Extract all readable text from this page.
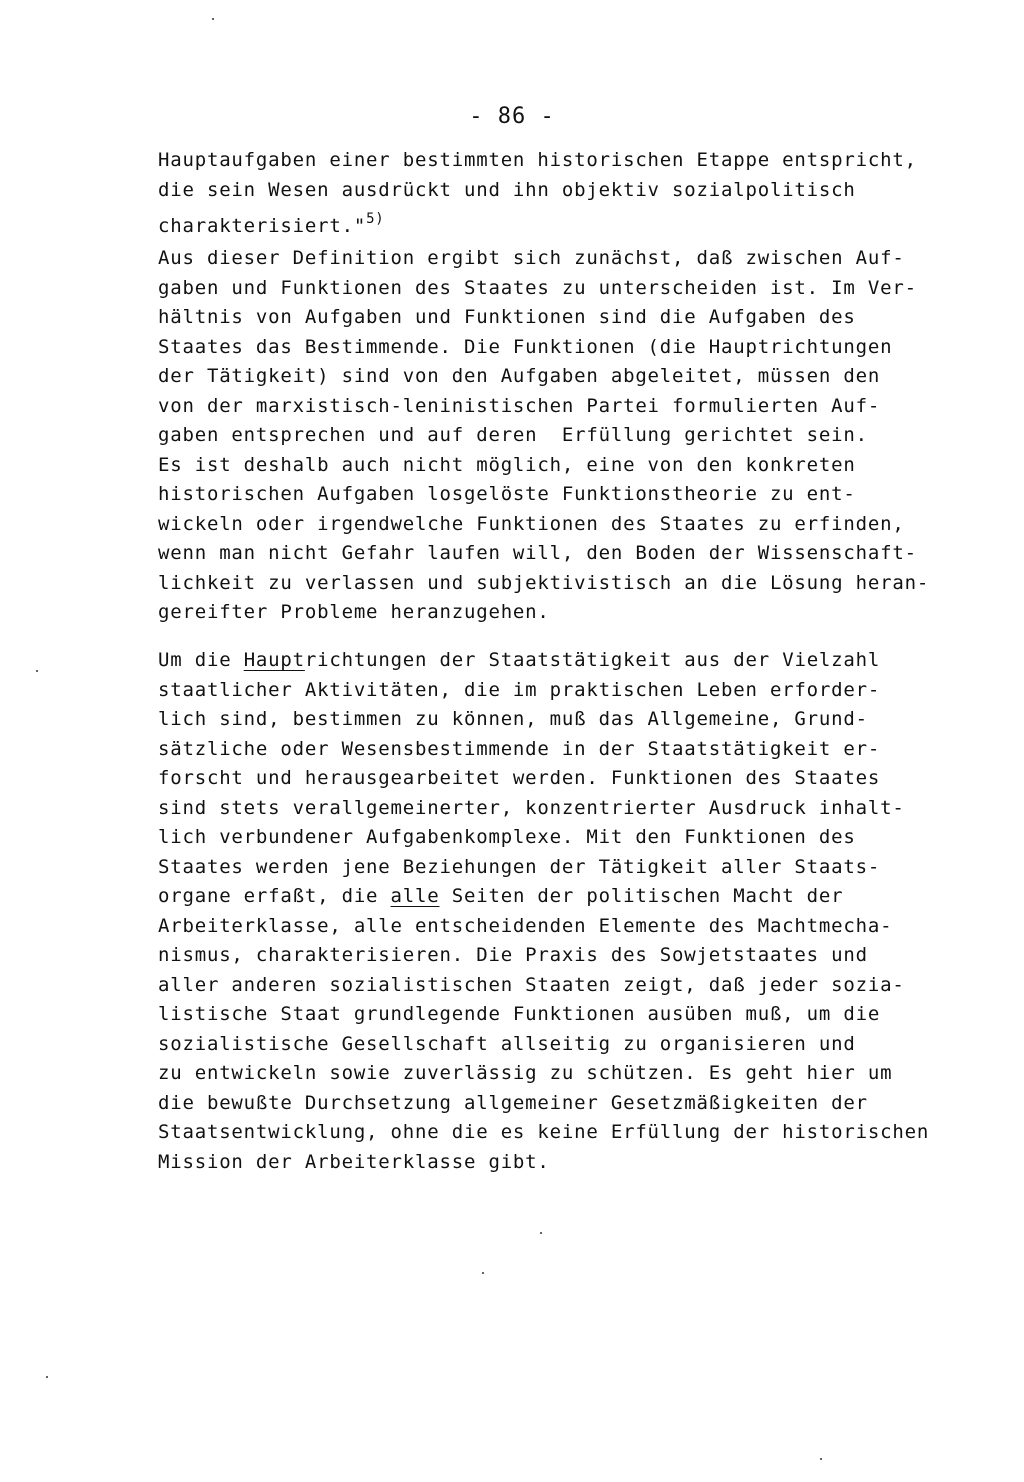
- 86 -
Hauptaufgaben einer bestimmten historischen Etappe entspricht,
die sein Wesen ausdrückt und ihn objektiv sozialpolitisch
charakterisiert."$^{5)}$
Aus dieser Definition ergibt sich zunächst, daß zwischen Auf-
gaben und Funktionen des Staates zu unterscheiden ist. Im Ver-
hältnis von Aufgaben und Funktionen sind die Aufgaben des
Staates das Bestimmende. Die Funktionen (die Hauptrichtungen
der Tätigkeit) sind von den Aufgaben abgeleitet, müssen den
von der marxistisch-leninistischen Partei formulierten Auf-
gaben entsprechen und auf deren  Erfüllung gerichtet sein.
Es ist deshalb auch nicht möglich, eine von den konkreten
historischen Aufgaben losgelöste Funktionstheorie zu ent-
wickeln oder irgendwelche Funktionen des Staates zu erfinden,
wenn man nicht Gefahr laufen will, den Boden der Wissenschaft-
lichkeit zu verlassen und subjektivistisch an die Lösung heran-
gereifter Probleme heranzugehen.
Um die Hauptrichtungen der Staatstätigkeit aus der Vielzahl
staatlicher Aktivitäten, die im praktischen Leben erforder-
lich sind, bestimmen zu können, muß das Allgemeine, Grund-
sätzliche oder Wesensbestimmende in der Staatstätigkeit er-
forscht und herausgearbeitet werden. Funktionen des Staates
sind stets verallgemeinerter, konzentrierter Ausdruck inhalt-
lich verbundener Aufgabenkomplexe. Mit den Funktionen des
Staates werden jene Beziehungen der Tätigkeit aller Staats-
organe erfaßt, die alle Seiten der politischen Macht der
Arbeiterklasse, alle entscheidenden Elemente des Machtmecha-
nismus, charakterisieren. Die Praxis des Sowjetstaates und
aller anderen sozialistischen Staaten zeigt, daß jeder sozia-
listische Staat grundlegende Funktionen ausüben muß, um die
sozialistische Gesellschaft allseitig zu organisieren und
zu entwickeln sowie zuverlässig zu schützen. Es geht hier um
die bewußte Durchsetzung allgemeiner Gesetzmäßigkeiten der
Staatsentwicklung, ohne die es keine Erfüllung der historischen
Mission der Arbeiterklasse gibt.
